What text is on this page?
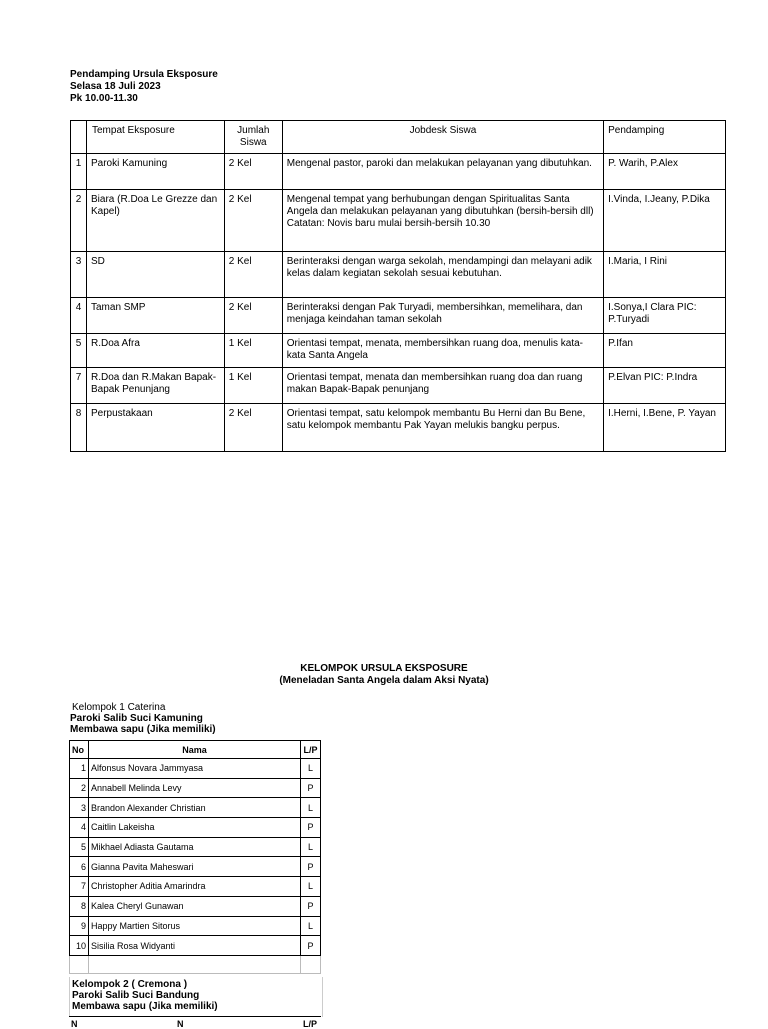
Pendamping Ursula Eksposure
Selasa 18 Juli 2023
Pk 10.00-11.30
	Tempat Eksposure	Jumlah Siswa	Jobdesk Siswa	Pendamping
1	Paroki Kamuning	2 Kel	Mengenal pastor, paroki dan melakukan pelayanan yang dibutuhkan.	P. Warih, P.Alex
2	Biara (R.Doa Le Grezze dan Kapel)	2 Kel	Mengenal tempat yang berhubungan dengan Spiritualitas Santa Angela dan melakukan pelayanan yang dibutuhkan (bersih-bersih dll)
Catatan: Novis baru mulai bersih-bersih 10.30	I.Vinda, I.Jeany, P.Dika
3	SD	2 Kel	Berinteraksi dengan warga sekolah, mendampingi dan melayani adik kelas dalam kegiatan sekolah sesuai kebutuhan.	I.Maria, I Rini
4	Taman SMP	2 Kel	Berinteraksi dengan Pak Turyadi, membersihkan, memelihara, dan menjaga keindahan taman sekolah	I.Sonya,I Clara PIC: P.Turyadi
5	R.Doa Afra	1 Kel	Orientasi tempat, menata, membersihkan ruang doa, menulis kata-kata Santa Angela	P.Ifan
7	R.Doa dan R.Makan Bapak-Bapak Penunjang	1 Kel	Orientasi tempat, menata dan membersihkan ruang doa dan ruang makan Bapak-Bapak penunjang	P.Elvan PIC: P.Indra
8	Perpustakaan	2 Kel	Orientasi tempat, satu kelompok membantu Bu Herni dan Bu Bene, satu kelompok membantu Pak Yayan melukis bangku perpus.	I.Herni, I.Bene, P. Yayan
KELOMPOK URSULA EKSPOSURE
(Meneladan Santa Angela dalam Aksi Nyata)
Kelompok 1 Caterina
Paroki Salib Suci Kamuning
Membawa sapu (Jika memiliki)
No	Nama	L/P
1	Alfonsus Novara Jammyasa	L
2	Annabell Melinda Levy	P
3	Brandon Alexander Christian	L
4	Caitlin Lakeisha	P
5	Mikhael Adiasta Gautama	L
6	Gianna Pavita Maheswari	P
7	Christopher Aditia Amarindra	L
8	Kalea Cheryl Gunawan	P
9	Happy Martien Sitorus	L
10	Sisilia Rosa Widyanti	P

Kelompok 2 ( Cremona )
Paroki Salib Suci Bandung
Membawa sapu (Jika memiliki)
N	N	L/P
